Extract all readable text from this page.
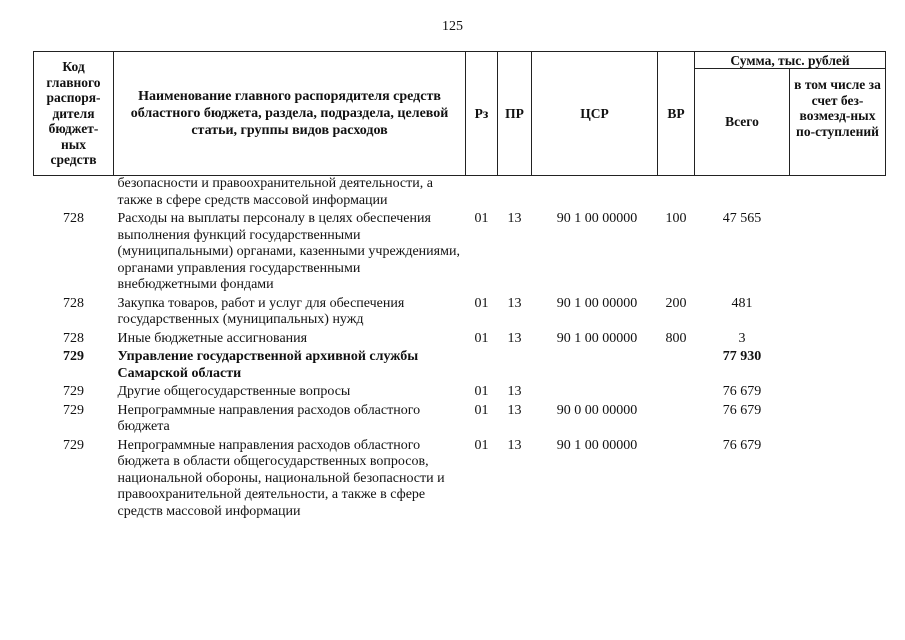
125
Код главного распоря-дителя бюджет-ных средств	Наименование главного распорядителя средств областного бюджета, раздела, подраздела, целевой статьи, группы видов расходов	Рз	ПР	ЦСР	ВР	Сумма, тыс. рублей	
						Всего	в том числе за счет без-возмезд-ных по-ступлений
	безопасности и правоохранительной деятельности, а также в сфере средств массовой информации						
728	Расходы на выплаты персоналу в целях обеспечения выполнения функций государственными (муниципальными) органами, казенными учреждениями, органами управления государственными внебюджетными фондами	01	13	90 1 00 00000	100	47 565	
728	Закупка товаров, работ и услуг для обеспечения государственных (муниципальных) нужд	01	13	90 1 00 00000	200	481	
728	Иные бюджетные ассигнования	01	13	90 1 00 00000	800	3	
729	Управление государственной архивной службы Самарской области					77 930	
729	Другие общегосударственные вопросы	01	13			76 679	
729	Непрограммные направления расходов областного бюджета	01	13	90 0 00 00000		76 679	
729	Непрограммные направления расходов областного бюджета в области общегосударственных вопросов, национальной обороны, национальной безопасности и правоохранительной деятельности, а также в сфере средств массовой информации	01	13	90 1 00 00000		76 679	
